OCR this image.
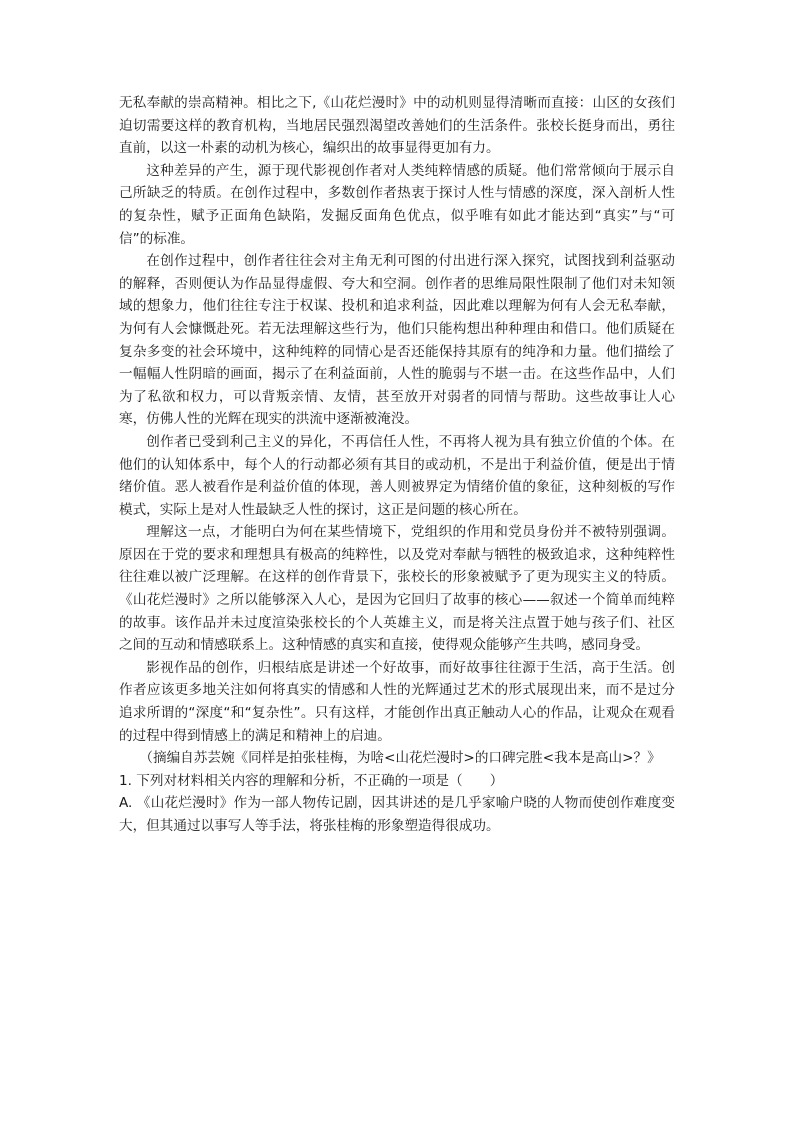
无私奉献的崇高精神。相比之下,《山花烂漫时》中的动机则显得清晰而直接：山区的女孩们迫切需要这样的教育机构，当地居民强烈渴望改善她们的生活条件。张校长挺身而出，勇往直前，以这一朴素的动机为核心，编织出的故事显得更加有力。

这种差异的产生，源于现代影视创作者对人类纯粹情感的质疑。他们常常倾向于展示自己所缺乏的特质。在创作过程中，多数创作者热衷于探讨人性与情感的深度，深入剖析人性的复杂性，赋予正面角色缺陷，发掘反面角色优点，似乎唯有如此才能达到“真实”与“可信”的标准。

在创作过程中，创作者往往会对主角无利可图的付出进行深入探究，试图找到利益驱动的解释，否则便认为作品显得虚假、夸大和空洞。创作者的思维局限性限制了他们对未知领域的想象力，他们往往专注于权谋、投机和追求利益，因此难以理解为何有人会无私奉献，为何有人会慷慨赴死。若无法理解这些行为，他们只能构想出种种理由和借口。他们质疑在复杂多变的社会环境中，这种纯粹的同情心是否还能保持其原有的纯净和力量。他们描绘了一幅幅人性阴暗的画面，揭示了在利益面前，人性的脆弱与不堪一击。在这些作品中，人们为了私欲和权力，可以背叛亲情、友情，甚至放开对弱者的同情与帮助。这些故事让人心寒，仿佛人性的光辉在现实的洪流中逐渐被淹没。

创作者已受到利己主义的异化，不再信任人性，不再将人视为具有独立价值的个体。在他们的认知体系中，每个人的行动都必须有其目的或动机，不是出于利益价值，便是出于情绪价值。恶人被看作是利益价值的体现，善人则被界定为情绪价值的象征，这种刻板的写作模式，实际上是对人性最缺乏人性的探讨，这正是问题的核心所在。

理解这一点，才能明白为何在某些情境下，党组织的作用和党员身份并不被特别强调。原因在于党的要求和理想具有极高的纯粹性，以及党对奉献与牺牲的极致追求，这种纯粹性往往难以被广泛理解。在这样的创作背景下，张校长的形象被赋予了更为现实主义的特质。《山花烂漫时》之所以能够深入人心，是因为它回归了故事的核心——叙述一个简单而纯粹的故事。该作品并未过度渲染张校长的个人英雄主义，而是将关注点置于她与孩子们、社区之间的互动和情感联系上。这种情感的真实和直接，使得观众能够产生共鸣，感同身受。

影视作品的创作，归根结底是讲述一个好故事，而好故事往往源于生活，高于生活。创作者应该更多地关注如何将真实的情感和人性的光辉通过艺术的形式展现出来，而不是过分追求所谓的“深度“和“复杂性”。只有这样，才能创作出真正触动人心的作品，让观众在观看的过程中得到情感上的满足和精神上的启迪。

（摘编自苏芸婉《同样是拍张桂梅，为啥<山花烂漫时>的口碑完胜<我本是高山>？》

1. 下列对材料相关内容的理解和分析，不正确的一项是（　　）

A. 《山花烂漫时》作为一部人物传记剧，因其讲述的是几乎家喻户晓的人物而使创作难度变大，但其通过以事写人等手法，将张桂梅的形象塑造得很成功。
